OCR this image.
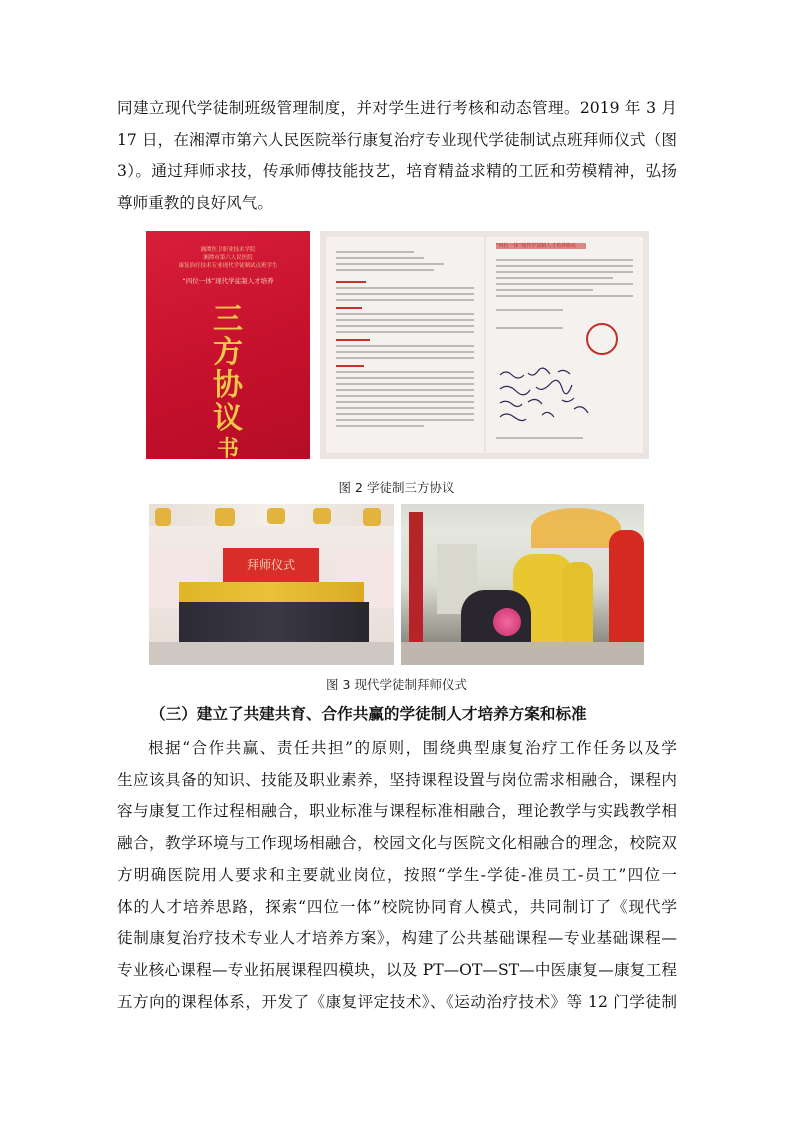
同建立现代学徒制班级管理制度，并对学生进行考核和动态管理。2019 年 3 月
17 日，在湘潭市第六人民医院举行康复治疗专业现代学徒制试点班拜师仪式（图
3）。通过拜师求技，传承师傅技能技艺，培育精益求精的工匠和劳模精神，弘扬
尊师重教的良好风气。
湘潭医卫职业技术学院
湘潭市第六人民医院
康复治疗技术专业现代学徒制试点班学生
“四位一体”现代学徒制人才培养
三
方
协
议
书
“四位一体”现代学徒制人才培养协议
图 2 学徒制三方协议
拜师仪式
图 3 现代学徒制拜师仪式
（三）建立了共建共育、合作共赢的学徒制人才培养方案和标准
根据“合作共赢、责任共担”的原则，围绕典型康复治疗工作任务以及学
生应该具备的知识、技能及职业素养，坚持课程设置与岗位需求相融合，课程内
容与康复工作过程相融合，职业标准与课程标准相融合，理论教学与实践教学相
融合，教学环境与工作现场相融合，校园文化与医院文化相融合的理念，校院双
方明确医院用人要求和主要就业岗位，按照“学生-学徒-准员工-员工”四位一
体的人才培养思路，探索“四位一体”校院协同育人模式，共同制订了《现代学
徒制康复治疗技术专业人才培养方案》，构建了公共基础课程—专业基础课程—
专业核心课程—专业拓展课程四模块，以及 PT—OT—ST—中医康复—康复工程
五方向的课程体系，开发了《康复评定技术》、《运动治疗技术》等 12 门学徒制
